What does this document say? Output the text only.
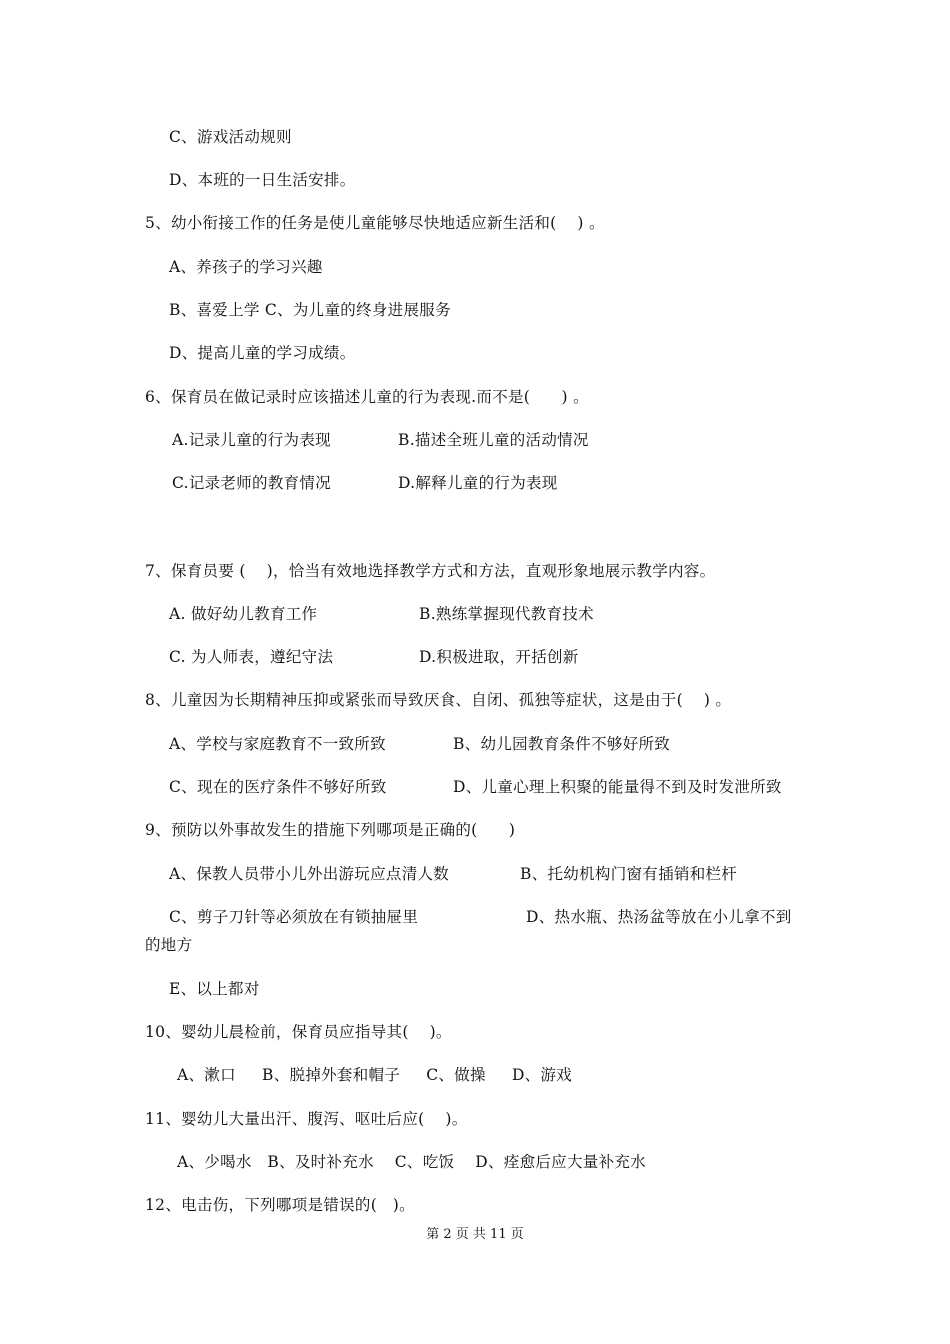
C、游戏活动规则
D、本班的一日生活安排。
5、幼小衔接工作的任务是使儿童能够尽快地适应新生活和(    ) 。
A、养孩子的学习兴趣
B、喜爱上学 C、为儿童的终身进展服务
D、提高儿童的学习成绩。
6、保育员在做记录时应该描述儿童的行为表现.而不是(      ) 。
A.记录儿童的行为表现	B.描述全班儿童的活动情况
C.记录老师的教育情况	D.解释儿童的行为表现
7、保育员要 (    )，恰当有效地选择教学方式和方法，直观形象地展示教学内容。
A. 做好幼儿教育工作	B.熟练掌握现代教育技术
C. 为人师表，遵纪守法	D.积极进取，开括创新
8、儿童因为长期精神压抑或紧张而导致厌食、自闭、孤独等症状，这是由于(    ) 。
A、学校与家庭教育不一致所致	B、幼儿园教育条件不够好所致
C、现在的医疗条件不够好所致	D、儿童心理上积聚的能量得不到及时发泄所致
9、预防以外事故发生的措施下列哪项是正确的(      )
A、保教人员带小儿外出游玩应点清人数	B、托幼机构门窗有插销和栏杆
C、剪子刀针等必须放在有锁抽屉里	D、热水瓶、热汤盆等放在小儿拿不到
的地方
E、以上都对
10、婴幼儿晨检前，保育员应指导其(    )。
A、漱口     B、脱掉外套和帽子     C、做操     D、游戏
11、婴幼儿大量出汗、腹泻、呕吐后应(    )。
A、少喝水   B、及时补充水    C、吃饭    D、痊愈后应大量补充水
12、电击伤，下列哪项是错误的(   )。
第 2 页 共 11 页
